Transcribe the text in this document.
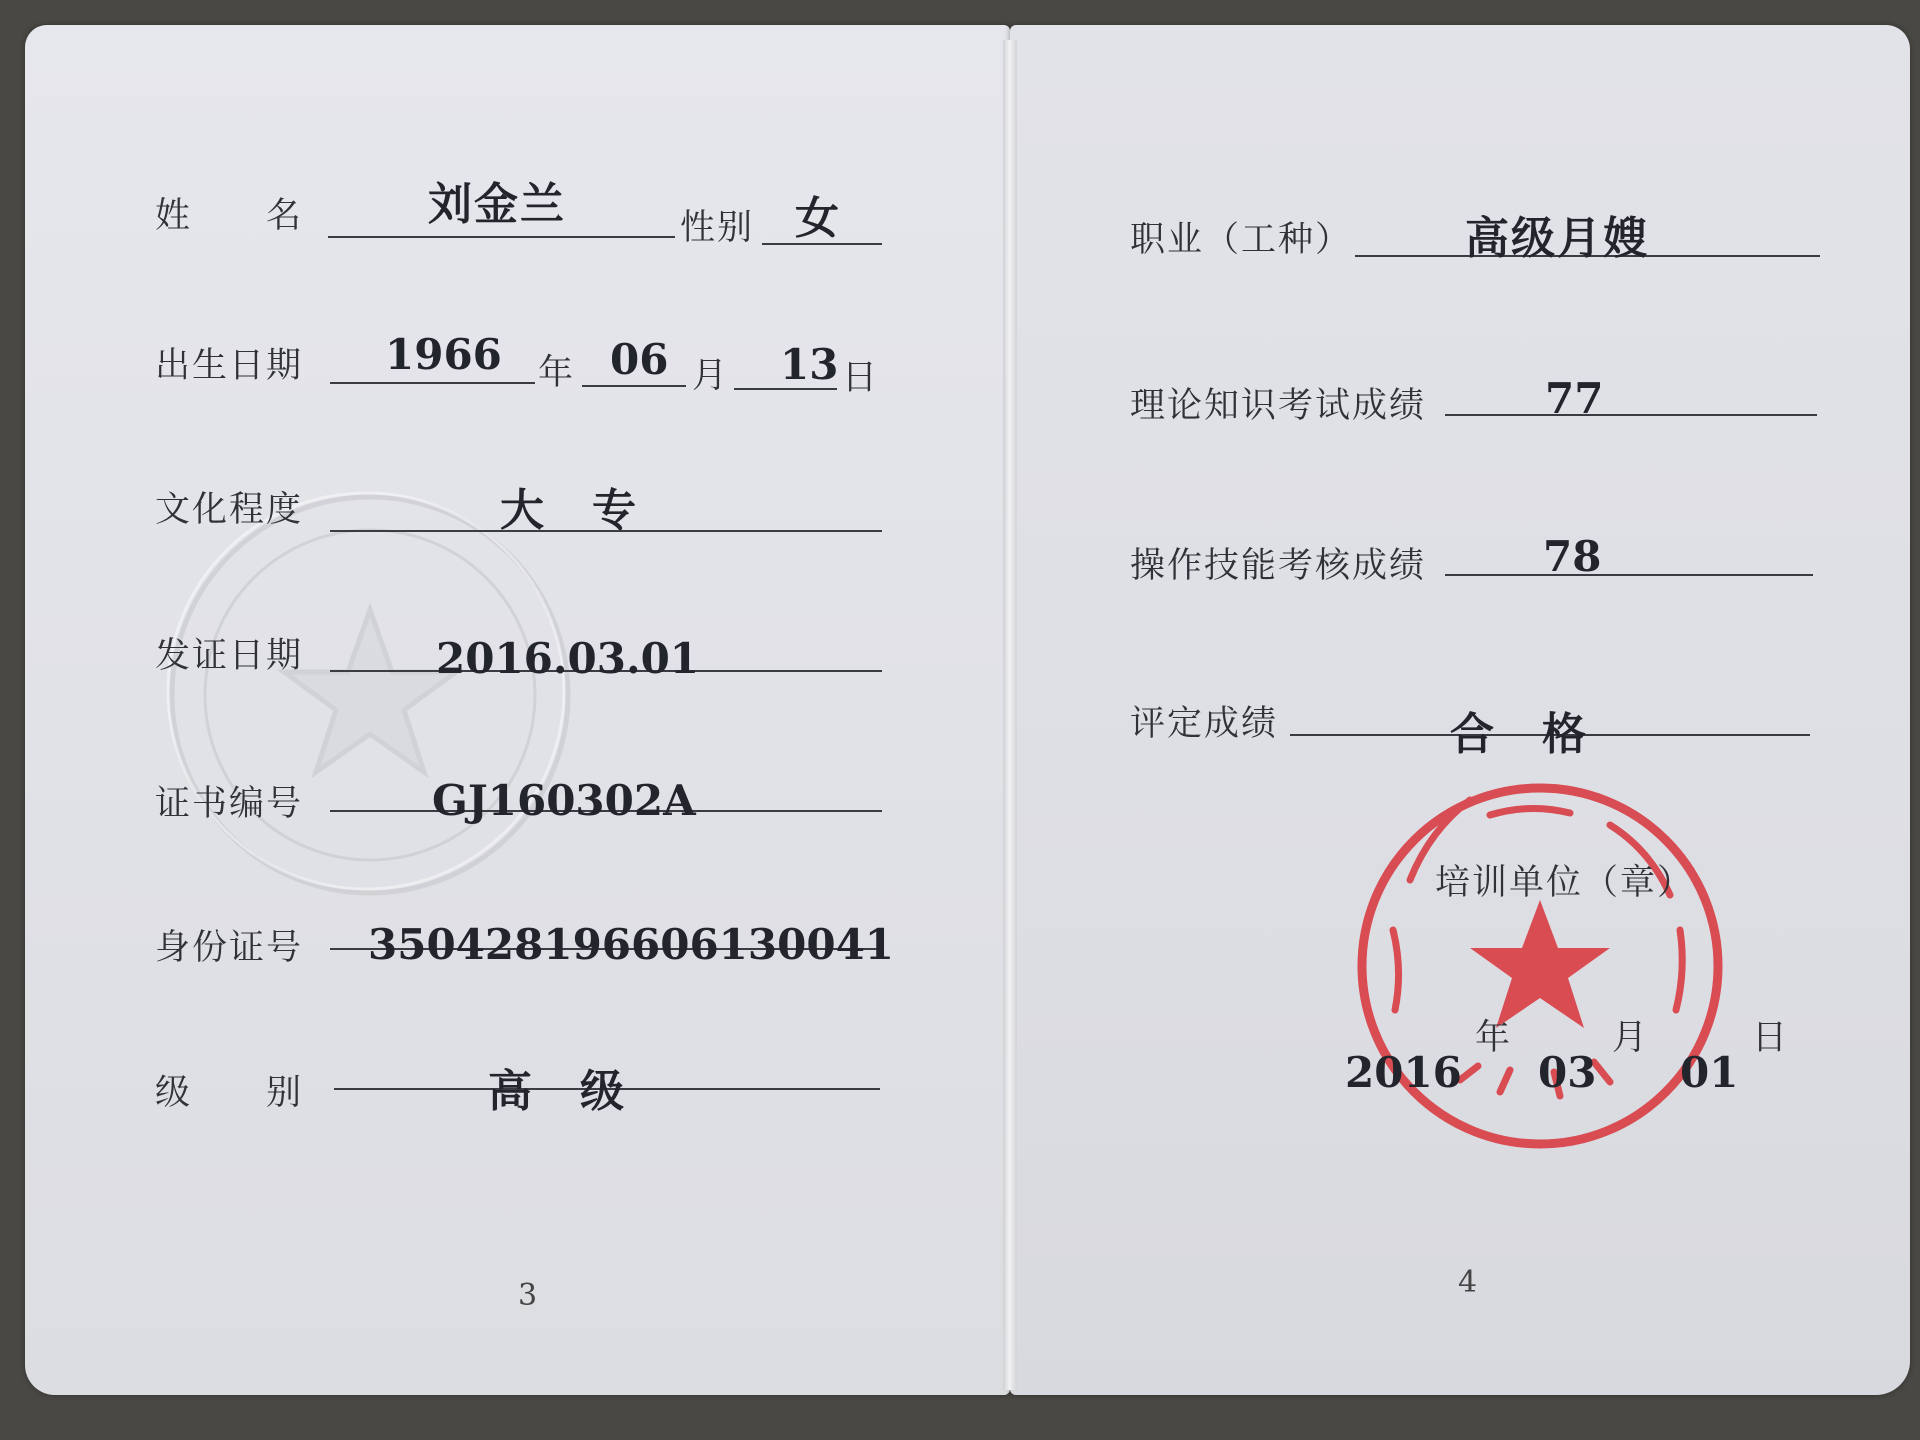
姓　　名	刘金兰	性别 女
出生日期 1966 年 06 月 13 日
文化程度	大　专
发证日期	2016.03.01
证书编号	GJ160302A
身份证号 350428196606130041
级　　别	高　级
3
职业（工种）	高级月嫂
理论知识考试成绩	77
操作技能考核成绩	78
评定成绩	合　格
培训单位（章）
年	月	日
2016 03 01
4
